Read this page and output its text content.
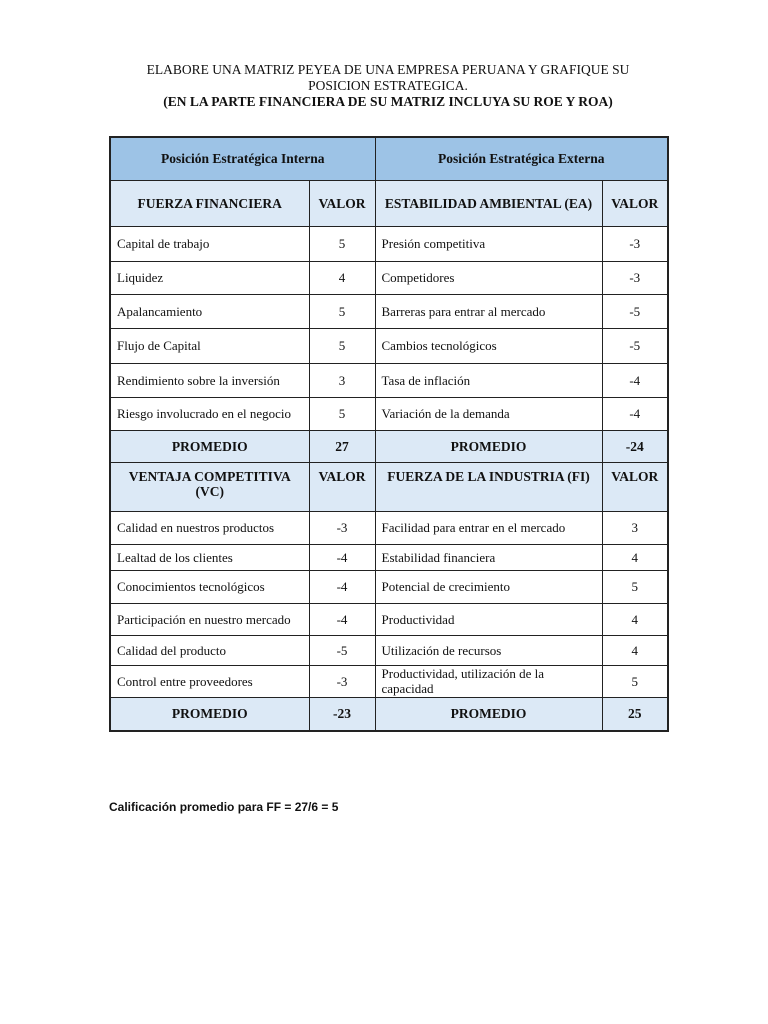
ELABORE UNA MATRIZ PEYEA DE UNA EMPRESA PERUANA Y GRAFIQUE SU
POSICION ESTRATEGICA.
(EN LA PARTE FINANCIERA DE SU MATRIZ INCLUYA SU ROE Y ROA)
Posición Estratégica Interna		Posición Estratégica Externa	
FUERZA FINANCIERA	VALOR	ESTABILIDAD AMBIENTAL (EA)	VALOR
Capital de trabajo	5	Presión competitiva	-3
Liquidez	4	Competidores	-3
Apalancamiento	5	Barreras para entrar al mercado	-5
Flujo de Capital	5	Cambios tecnológicos	-5
Rendimiento sobre la inversión	3	Tasa de inflación	-4
Riesgo involucrado en el negocio	5	Variación de la demanda	-4
PROMEDIO	27	PROMEDIO	-24
VENTAJA COMPETITIVA (VC)	VALOR	FUERZA DE LA INDUSTRIA (FI)	VALOR
Calidad en nuestros productos	-3	Facilidad para entrar en el mercado	3
Lealtad de los clientes	-4	Estabilidad financiera	4
Conocimientos tecnológicos	-4	Potencial de crecimiento	5
Participación en nuestro mercado	-4	Productividad	4
Calidad del producto	-5	Utilización de recursos	4
Control entre proveedores	-3	Productividad, utilización de la capacidad	5
PROMEDIO	-23	PROMEDIO	25
Calificación promedio para FF = 27/6 = 5
